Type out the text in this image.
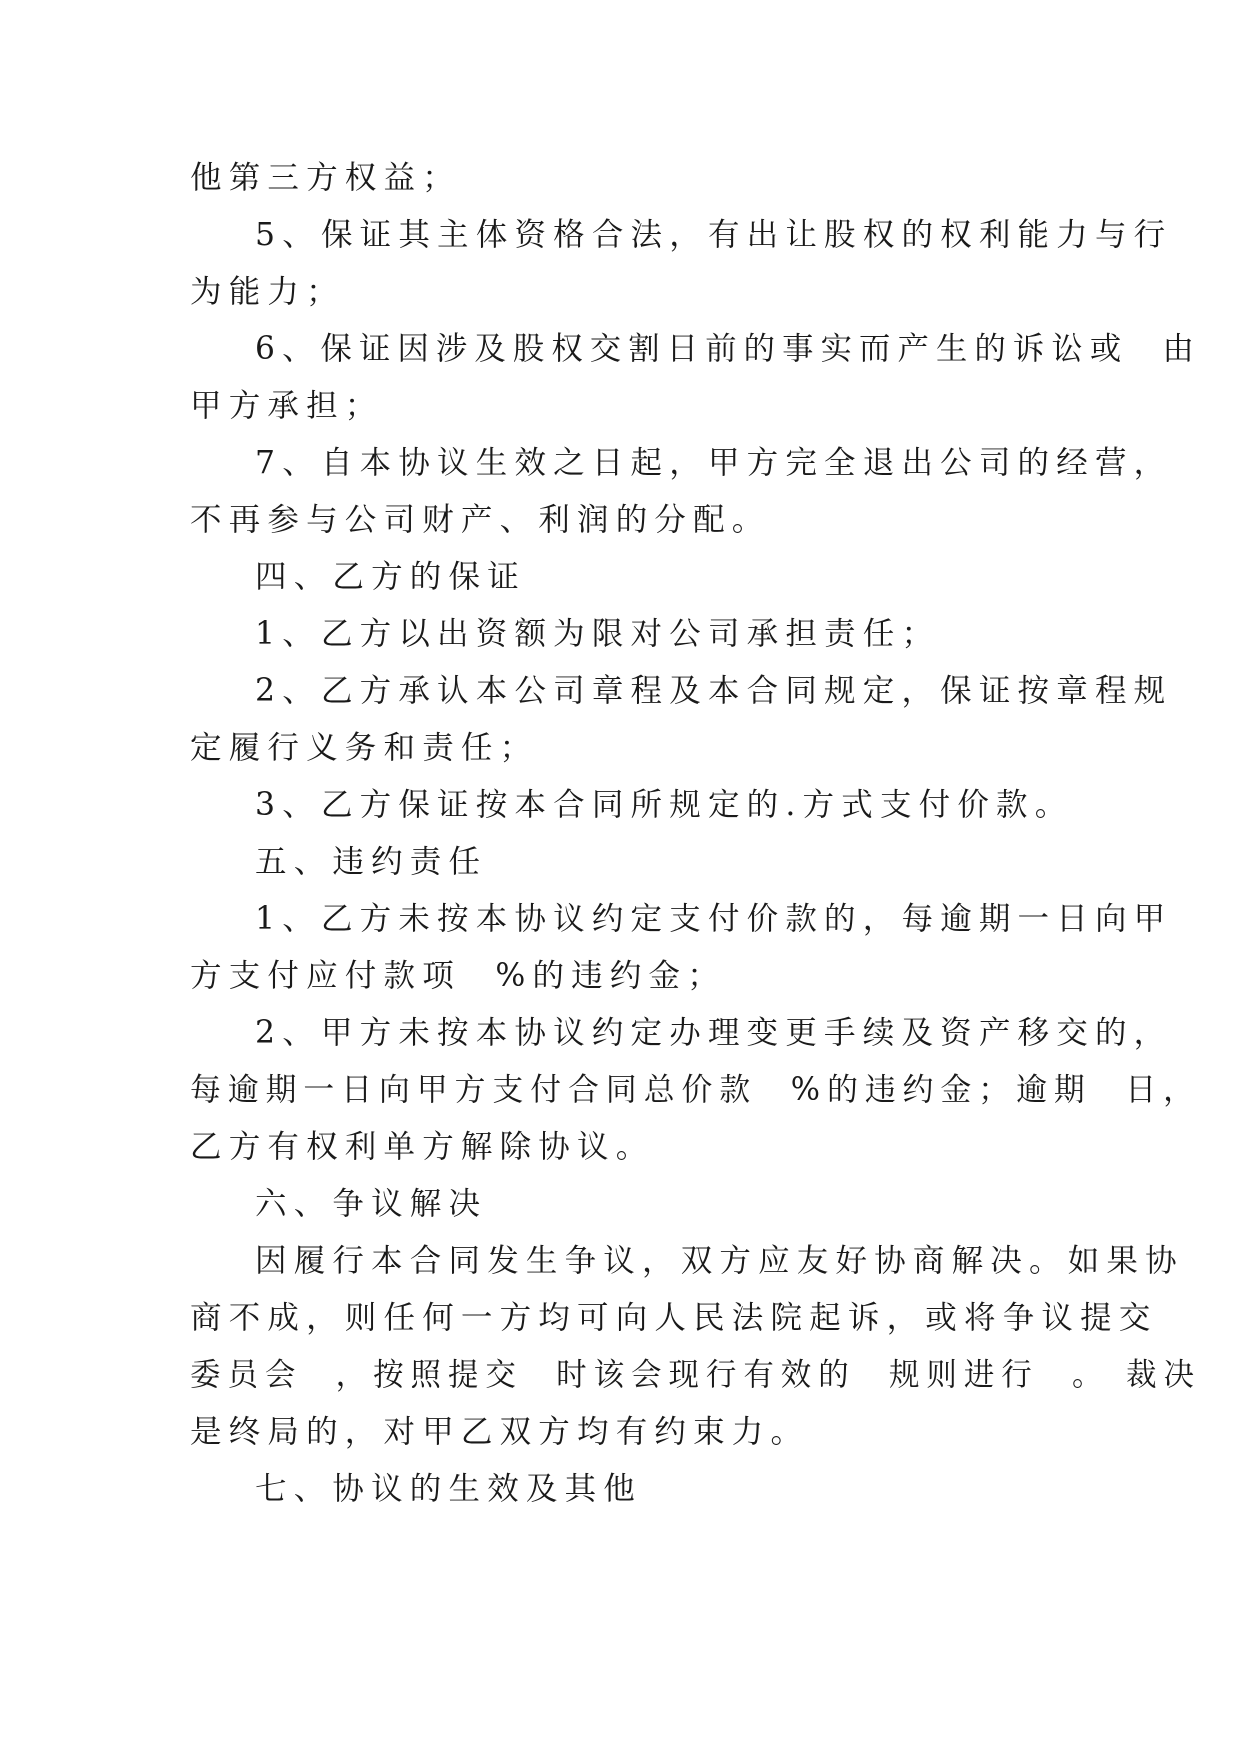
他第三方权益；
5、保证其主体资格合法，有出让股权的权利能力与行
为能力；
6、保证因涉及股权交割日前的事实而产生的诉讼或  由
甲方承担；
7、自本协议生效之日起，甲方完全退出公司的经营，
不再参与公司财产、利润的分配。
四、乙方的保证
1、乙方以出资额为限对公司承担责任；
2、乙方承认本公司章程及本合同规定，保证按章程规
定履行义务和责任；
3、乙方保证按本合同所规定的.方式支付价款。
五、违约责任
1、乙方未按本协议约定支付价款的，每逾期一日向甲
方支付应付款项  %的违约金；
2、甲方未按本协议约定办理变更手续及资产移交的，
每逾期一日向甲方支付合同总价款  %的违约金；逾期  日，
乙方有权利单方解除协议。
六、争议解决
因履行本合同发生争议，双方应友好协商解决。如果协
商不成，则任何一方均可向人民法院起诉，或将争议提交
委员会  ，按照提交  时该会现行有效的  规则进行  。 裁决
是终局的，对甲乙双方均有约束力。
七、协议的生效及其他
